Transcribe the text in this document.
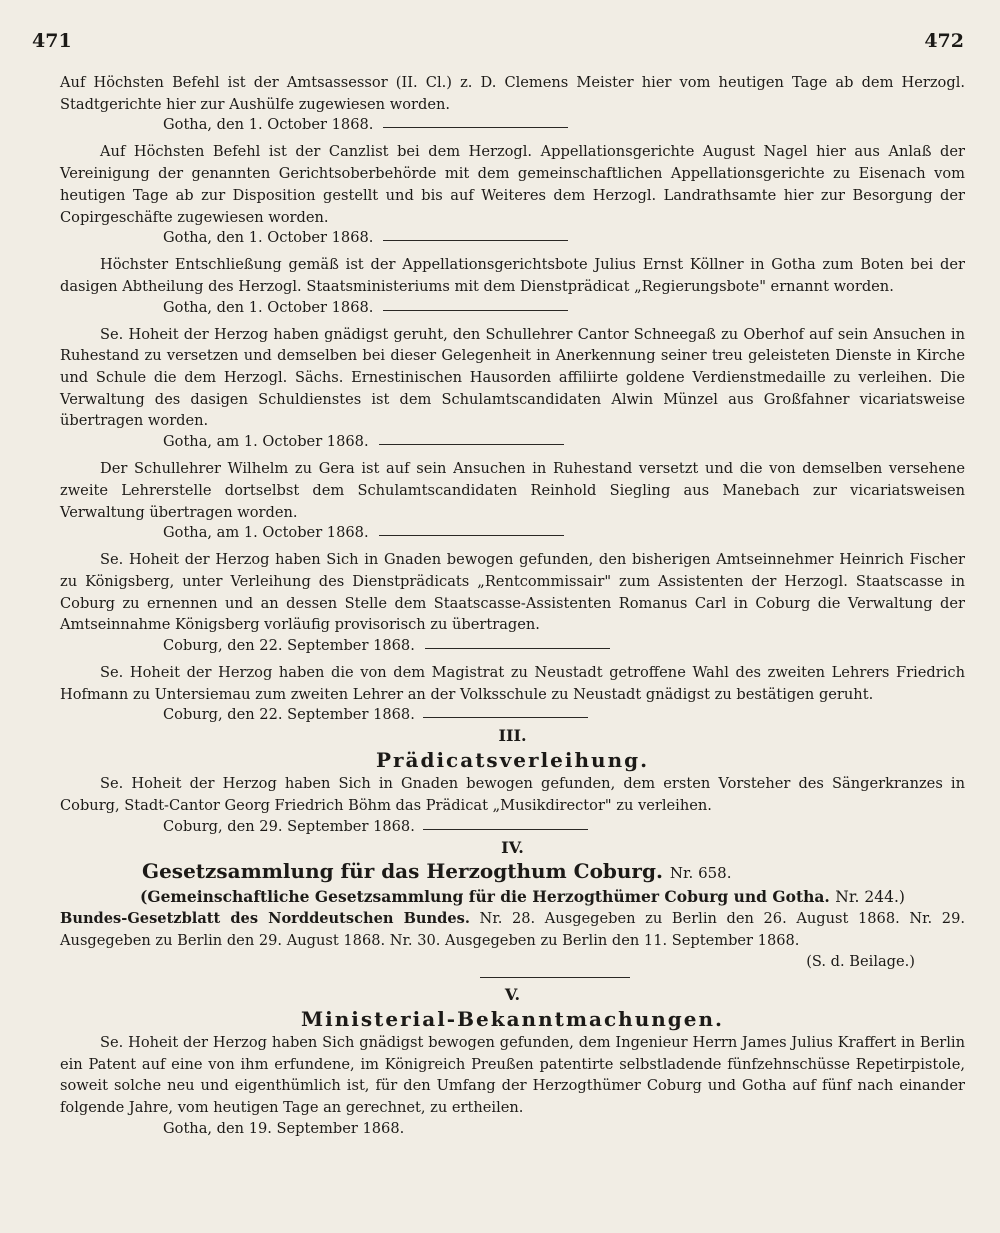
471	472

Auf Höchsten Befehl ist der Amtsassessor (II. Cl.) z. D. Clemens Meister hier vom heutigen Tage ab dem Herzogl. Stadtgerichte hier zur Aushülfe zugewiesen worden.

Gotha, den 1. October 1868.

Auf Höchsten Befehl ist der Canzlist bei dem Herzogl. Appellationsgerichte August Nagel hier aus Anlaß der Vereinigung der genannten Gerichtsoberbehörde mit dem gemeinschaftlichen Appellationsgerichte zu Eisenach vom heutigen Tage ab zur Disposition gestellt und bis auf Weiteres dem Herzogl. Landrathsamte hier zur Besorgung der Copirgeschäfte zugewiesen worden.

Gotha, den 1. October 1868.

Höchster Entschließung gemäß ist der Appellationsgerichtsbote Julius Ernst Köllner in Gotha zum Boten bei der dasigen Abtheilung des Herzogl. Staatsministeriums mit dem Dienstprädicat „Regierungsbote" ernannt worden.

Gotha, den 1. October 1868.

Se. Hoheit der Herzog haben gnädigst geruht, den Schullehrer Cantor Schneegaß zu Oberhof auf sein Ansuchen in Ruhestand zu versetzen und demselben bei dieser Gelegenheit in Anerkennung seiner treu geleisteten Dienste in Kirche und Schule die dem Herzogl. Sächs. Ernestinischen Hausorden affiliirte goldene Verdienstmedaille zu verleihen. Die Verwaltung des dasigen Schuldienstes ist dem Schulamtscandidaten Alwin Münzel aus Großfahner vicariatsweise übertragen worden.

Gotha, am 1. October 1868.

Der Schullehrer Wilhelm zu Gera ist auf sein Ansuchen in Ruhestand versetzt und die von demselben versehene zweite Lehrerstelle dortselbst dem Schulamtscandidaten Reinhold Siegling aus Manebach zur vicariatsweisen Verwaltung übertragen worden.

Gotha, am 1. October 1868.

Se. Hoheit der Herzog haben Sich in Gnaden bewogen gefunden, den bisherigen Amtseinnehmer Heinrich Fischer zu Königsberg, unter Verleihung des Dienstprädicats „Rentcommissair" zum Assistenten der Herzogl. Staatscasse in Coburg zu ernennen und an dessen Stelle dem Staatscasse-Assistenten Romanus Carl in Coburg die Verwaltung der Amtseinnahme Königsberg vorläufig provisorisch zu übertragen.

Coburg, den 22. September 1868.

Se. Hoheit der Herzog haben die von dem Magistrat zu Neustadt getroffene Wahl des zweiten Lehrers Friedrich Hofmann zu Untersiemau zum zweiten Lehrer an der Volksschule zu Neustadt gnädigst zu bestätigen geruht.

Coburg, den 22. September 1868.

III.

Prädicatsverleihung.

Se. Hoheit der Herzog haben Sich in Gnaden bewogen gefunden, dem ersten Vorsteher des Sängerkranzes in Coburg, Stadt-Cantor Georg Friedrich Böhm das Prädicat „Musikdirector" zu verleihen.

Coburg, den 29. September 1868.

IV.

Gesetzsammlung für das Herzogthum Coburg. Nr. 658.

(Gemeinschaftliche Gesetzsammlung für die Herzogthümer Coburg und Gotha. Nr. 244.)

Bundes-Gesetzblatt des Norddeutschen Bundes. Nr. 28. Ausgegeben zu Berlin den 26. August 1868. Nr. 29. Ausgegeben zu Berlin den 29. August 1868. Nr. 30. Ausgegeben zu Berlin den 11. September 1868.

(S. d. Beilage.)

V.

Ministerial-Bekanntmachungen.

Se. Hoheit der Herzog haben Sich gnädigst bewogen gefunden, dem Ingenieur Herrn James Julius Kraffert in Berlin ein Patent auf eine von ihm erfundene, im Königreich Preußen patentirte selbstladende fünfzehnschüsse Repetirpistole, soweit solche neu und eigenthümlich ist, für den Umfang der Herzogthümer Coburg und Gotha auf fünf nach einander folgende Jahre, vom heutigen Tage an gerechnet, zu ertheilen.

Gotha, den 19. September 1868.
